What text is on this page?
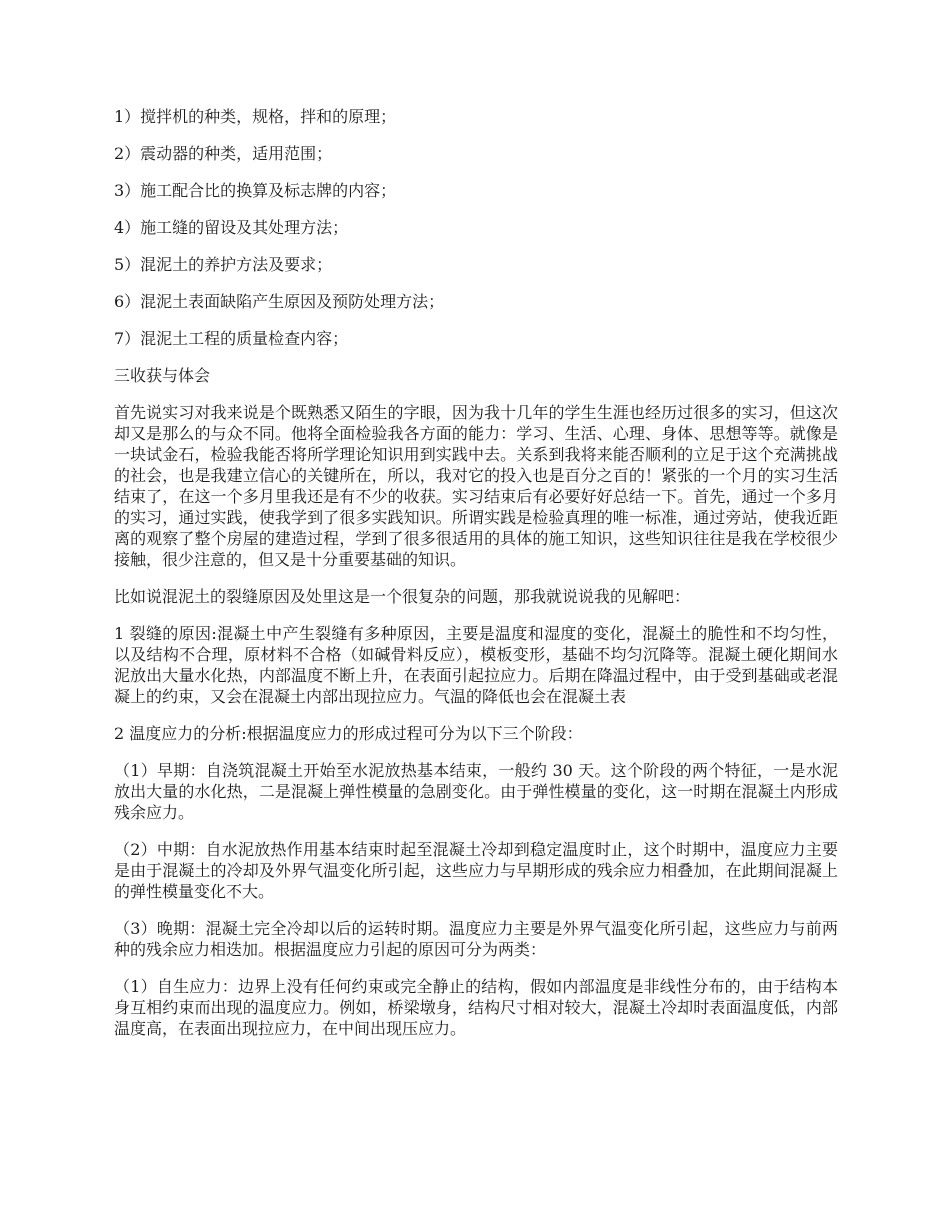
1）搅拌机的种类，规格，拌和的原理；

2）震动器的种类，适用范围；

3）施工配合比的换算及标志牌的内容；

4）施工缝的留设及其处理方法；

5）混泥土的养护方法及要求；

6）混泥土表面缺陷产生原因及预防处理方法；

7）混泥土工程的质量检查内容；

三收获与体会

首先说实习对我来说是个既熟悉又陌生的字眼，因为我十几年的学生生涯也经历过很多的实习，但这次却又是那么的与众不同。他将全面检验我各方面的能力：学习、生活、心理、身体、思想等等。就像是一块试金石，检验我能否将所学理论知识用到实践中去。关系到我将来能否顺利的立足于这个充满挑战的社会，也是我建立信心的关键所在，所以，我对它的投入也是百分之百的！紧张的一个月的实习生活结束了，在这一个多月里我还是有不少的收获。实习结束后有必要好好总结一下。首先，通过一个多月的实习，通过实践，使我学到了很多实践知识。所谓实践是检验真理的唯一标准，通过旁站，使我近距离的观察了整个房屋的建造过程，学到了很多很适用的具体的施工知识，这些知识往往是我在学校很少接触，很少注意的，但又是十分重要基础的知识。

比如说混泥土的裂缝原因及处里这是一个很复杂的问题，那我就说说我的见解吧：

1 裂缝的原因:混凝土中产生裂缝有多种原因，主要是温度和湿度的变化，混凝土的脆性和不均匀性，以及结构不合理，原材料不合格（如碱骨料反应），模板变形，基础不均匀沉降等。混凝土硬化期间水泥放出大量水化热，内部温度不断上升，在表面引起拉应力。后期在降温过程中，由于受到基础或老混凝上的约束，又会在混凝土内部出现拉应力。气温的降低也会在混凝土表

2 温度应力的分析:根据温度应力的形成过程可分为以下三个阶段：

（1）早期：自浇筑混凝土开始至水泥放热基本结束，一般约 30 天。这个阶段的两个特征，一是水泥放出大量的水化热，二是混凝上弹性模量的急剧变化。由于弹性模量的变化，这一时期在混凝土内形成残余应力。

（2）中期：自水泥放热作用基本结束时起至混凝土冷却到稳定温度时止，这个时期中，温度应力主要是由于混凝土的冷却及外界气温变化所引起，这些应力与早期形成的残余应力相叠加，在此期间混凝上的弹性模量变化不大。

（3）晚期：混凝土完全冷却以后的运转时期。温度应力主要是外界气温变化所引起，这些应力与前两种的残余应力相迭加。根据温度应力引起的原因可分为两类：

（1）自生应力：边界上没有任何约束或完全静止的结构，假如内部温度是非线性分布的，由于结构本身互相约束而出现的温度应力。例如，桥梁墩身，结构尺寸相对较大，混凝土冷却时表面温度低，内部温度高，在表面出现拉应力，在中间出现压应力。
